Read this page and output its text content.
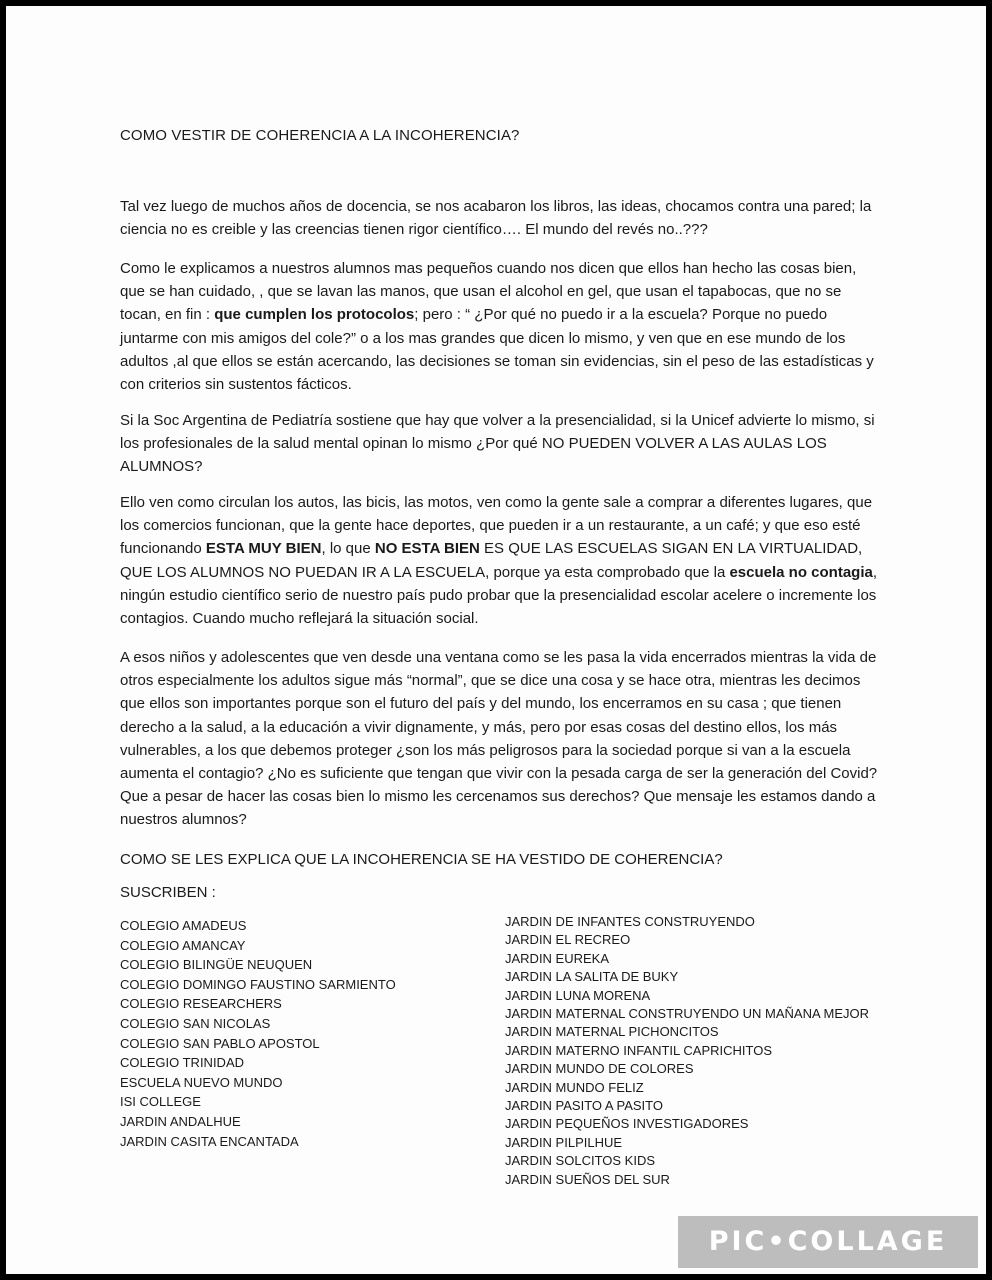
COMO VESTIR DE COHERENCIA A LA INCOHERENCIA?

Tal vez luego de muchos años de docencia, se nos acabaron los libros, las ideas, chocamos contra una pared; la ciencia no es creible y las creencias tienen rigor científico…. El mundo del revés no..???

Como le explicamos a nuestros alumnos mas pequeños cuando nos dicen que ellos han hecho las cosas bien, que se han cuidado, , que se lavan las manos, que usan el alcohol en gel, que usan el tapabocas, que no se tocan, en fin : que cumplen los protocolos; pero : “ ¿Por qué no puedo ir a la escuela? Porque no puedo juntarme con mis amigos del cole?” o a los mas grandes que dicen lo mismo, y ven que en ese mundo de los adultos ,al que ellos se están acercando, las decisiones se toman sin evidencias, sin el peso de las estadísticas y con criterios sin sustentos fácticos.

Si la Soc Argentina de Pediatría sostiene que hay que volver a la presencialidad, si la Unicef advierte lo mismo, si los profesionales de la salud mental opinan lo mismo ¿Por qué NO PUEDEN VOLVER A LAS AULAS LOS ALUMNOS?

Ello ven como circulan los autos, las bicis, las motos, ven como la gente sale a comprar a diferentes lugares, que los comercios funcionan, que la gente hace deportes, que pueden ir a un restaurante, a un café; y que eso esté funcionando ESTA MUY BIEN, lo que NO ESTA BIEN ES QUE LAS ESCUELAS SIGAN EN LA VIRTUALIDAD, QUE LOS ALUMNOS NO PUEDAN IR A LA ESCUELA, porque ya esta comprobado que la escuela no contagia, ningún estudio científico serio de nuestro país pudo probar que la presencialidad escolar acelere o incremente los contagios. Cuando mucho reflejará la situación social.

A esos niños y adolescentes que ven desde una ventana como se les pasa la vida encerrados mientras la vida de otros especialmente los adultos sigue más “normal”, que se dice una cosa y se hace otra, mientras les decimos que ellos son importantes porque son el futuro del país y del mundo, los encerramos en su casa ; que tienen derecho a la salud, a la educación a vivir dignamente, y más, pero por esas cosas del destino ellos, los más vulnerables, a los que debemos proteger ¿son los más peligrosos para la sociedad porque si van a la escuela aumenta el contagio? ¿No es suficiente que tengan que vivir con la pesada carga de ser la generación del Covid? Que a pesar de hacer las cosas bien lo mismo les cercenamos sus derechos? Que mensaje les estamos dando a nuestros alumnos?

COMO SE LES EXPLICA QUE LA INCOHERENCIA SE HA VESTIDO DE COHERENCIA?

SUSCRIBEN :

COLEGIO AMADEUS
COLEGIO AMANCAY
COLEGIO BILINGÜE NEUQUEN
COLEGIO DOMINGO FAUSTINO SARMIENTO
COLEGIO RESEARCHERS
COLEGIO SAN NICOLAS
COLEGIO SAN PABLO APOSTOL
COLEGIO TRINIDAD
ESCUELA NUEVO MUNDO
ISI COLLEGE
JARDIN ANDALHUE
JARDIN CASITA ENCANTADA
JARDIN DE INFANTES CONSTRUYENDO
JARDIN EL RECREO
JARDIN EUREKA
JARDIN LA SALITA DE BUKY
JARDIN LUNA MORENA
JARDIN MATERNAL CONSTRUYENDO UN MAÑANA MEJOR
JARDIN MATERNAL PICHONCITOS
JARDIN MATERNO INFANTIL CAPRICHITOS
JARDIN MUNDO DE COLORES
JARDIN MUNDO FELIZ
JARDIN PASITO A PASITO
JARDIN PEQUEÑOS INVESTIGADORES
JARDIN PILPILHUE
JARDIN SOLCITOS KIDS
JARDIN SUEÑOS DEL SUR
PIC•COLLAGE
